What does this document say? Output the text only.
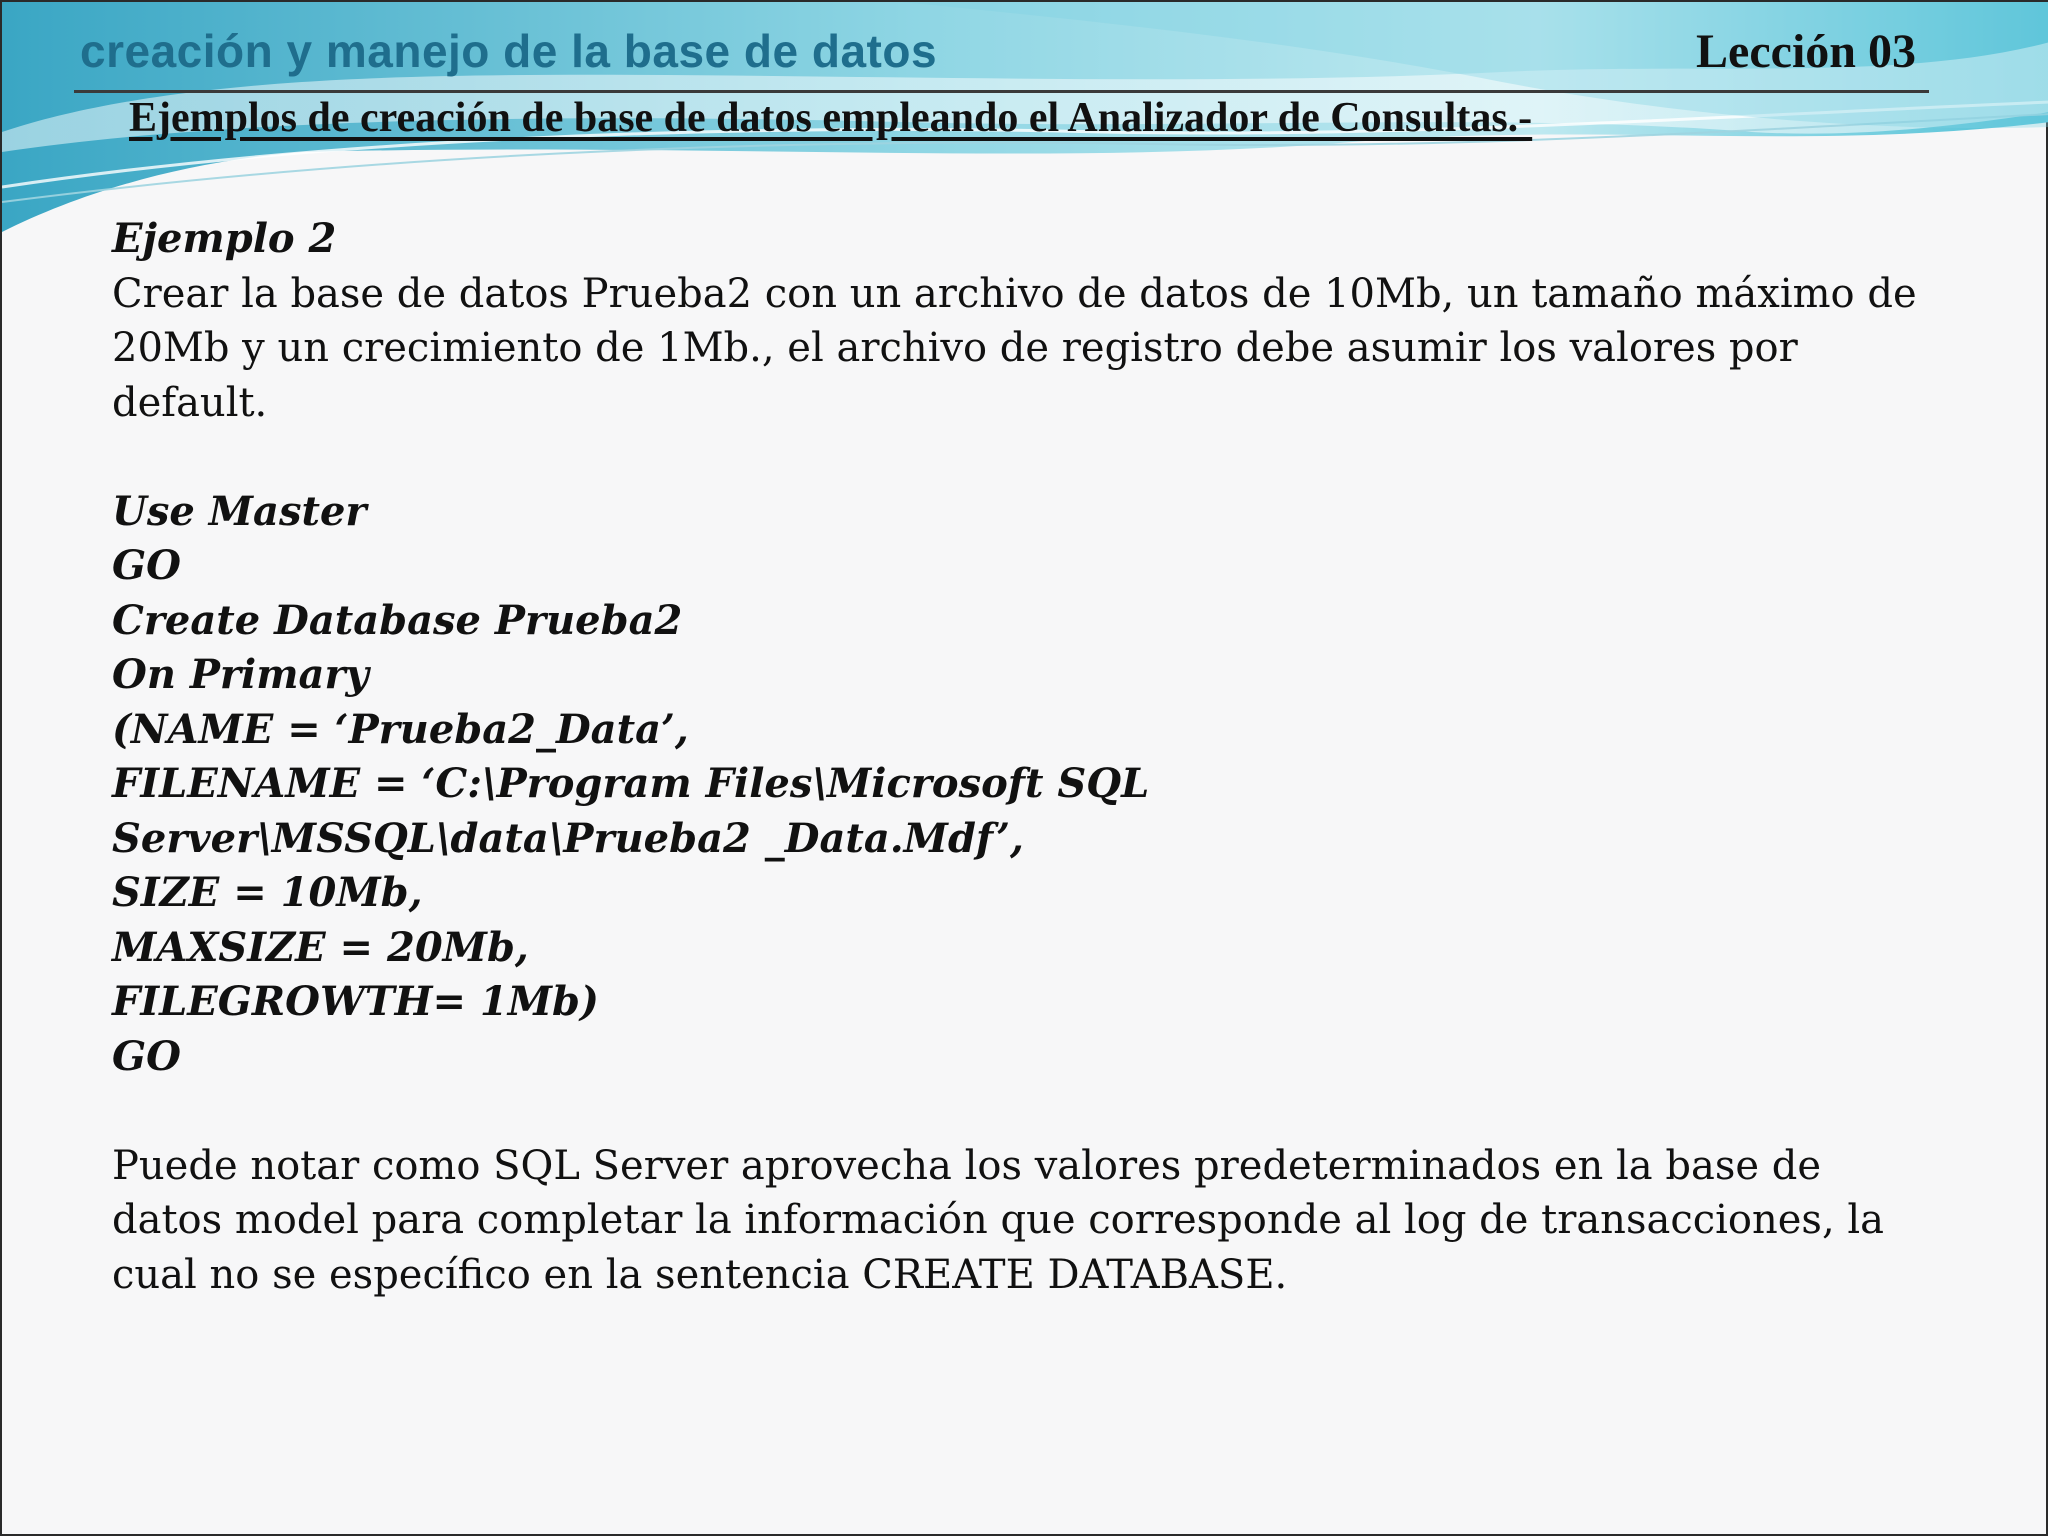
creación y manejo de la base de datos	Lección 03
Ejemplos de creación de base de datos empleando el Analizador de Consultas.-
Ejemplo 2
Crear la base de datos Prueba2 con un archivo de datos de 10Mb, un tamaño máximo de
20Mb y un crecimiento de 1Mb., el archivo de registro debe asumir los valores por
default.
Use Master
GO
Create Database Prueba2
On Primary
(NAME = ‘Prueba2_Data’,
FILENAME = ‘C:\Program Files\Microsoft SQL
Server\MSSQL\data\Prueba2 _Data.Mdf’,
SIZE = 10Mb,
MAXSIZE = 20Mb,
FILEGROWTH= 1Mb)
GO
Puede notar como SQL Server aprovecha los valores predeterminados en la base de
datos model para completar la información que corresponde al log de transacciones, la
cual no se específico en la sentencia CREATE DATABASE.
